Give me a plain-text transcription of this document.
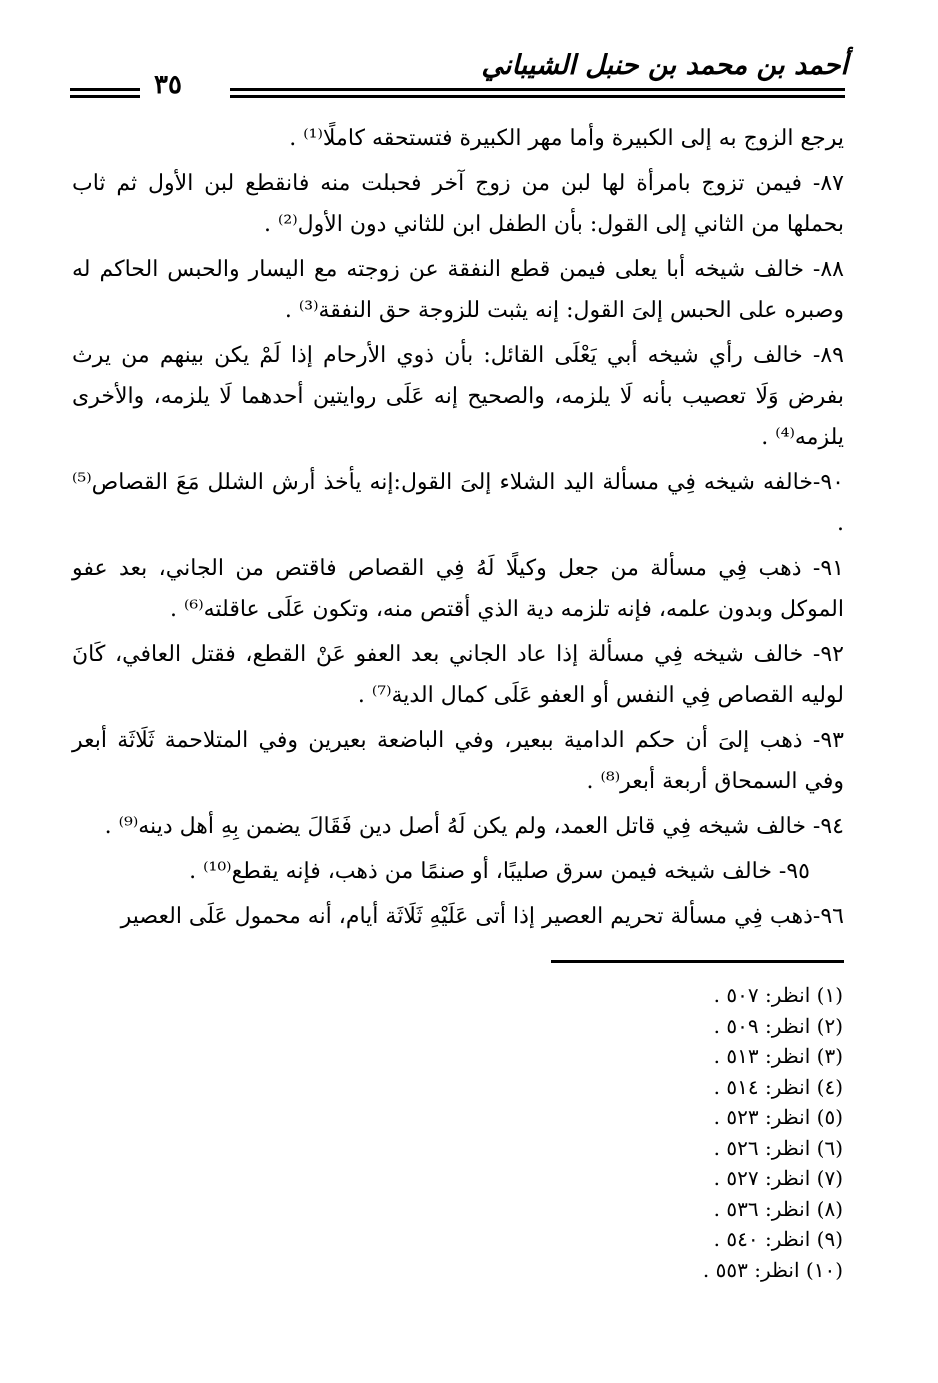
أحمد بن محمد بن حنبل الشيباني
٣٥

يرجع الزوج به إلى الكبيرة وأما مهر الكبيرة فتستحقه كاملًا⁽¹⁾ .

٨٧- فيمن تزوج بامرأة لها لبن من زوج آخر فحبلت منه فانقطع لبن الأول ثم ثاب بحملها من الثاني إلى القول: بأن الطفل ابن للثاني دون الأول⁽²⁾ .

٨٨- خالف شيخه أبا يعلى فيمن قطع النفقة عن زوجته مع اليسار والحبس الحاكم له وصبره على الحبس إلىَ القول: إنه يثبت للزوجة حق النفقة⁽³⁾ .

٨٩- خالف رأي شيخه أبي يَعْلَى القائل: بأن ذوي الأرحام إذا لَمْ يكن بينهم من يرث بفرض وَلَا تعصيب بأنه لَا يلزمه، والصحيح إنه عَلَى روايتين أحدهما لَا يلزمه، والأخرى يلزمه⁽⁴⁾ .

٩٠-خالفه شيخه فِي مسألة اليد الشلاء إلىَ القول:إنه يأخذ أرش الشلل مَعَ القصاص⁽⁵⁾ .

٩١- ذهب فِي مسألة من جعل وكيلًا لَهُ فِي القصاص فاقتص من الجاني، بعد عفو الموكل وبدون علمه، فإنه تلزمه دية الذي أقتص منه، وتكون عَلَى عاقلته⁽⁶⁾ .

٩٢- خالف شيخه فِي مسألة إذا عاد الجاني بعد العفو عَنْ القطع، فقتل العافي، كَانَ لوليه القصاص فِي النفس أو العفو عَلَى كمال الدية⁽⁷⁾ .

٩٣- ذهب إلىَ أن حكم الدامية ببعير، وفي الباضعة بعيرين وفي المتلاحمة ثَلَاثَة أبعر وفي السمحاق أربعة أبعر⁽⁸⁾ .

٩٤- خالف شيخه فِي قاتل العمد، ولم يكن لَهُ أصل دين فَقَالَ يضمن بِهِ أهل دينه⁽⁹⁾ .

٩٥- خالف شيخه فيمن سرق صليبًا، أو صنمًا من ذهب، فإنه يقطع⁽¹⁰⁾ .

٩٦-ذهب فِي مسألة تحريم العصير إذا أتى عَلَيْهِ ثَلَاثَة أيام، أنه محمول عَلَى العصير

(١) انظر: ٥٠٧ .
(٢) انظر: ٥٠٩ .
(٣) انظر: ٥١٣ .
(٤) انظر: ٥١٤ .
(٥) انظر: ٥٢٣ .
(٦) انظر: ٥٢٦ .
(٧) انظر: ٥٢٧ .
(٨) انظر: ٥٣٦ .
(٩) انظر: ٥٤٠ .
(١٠) انظر: ٥٥٣ .
